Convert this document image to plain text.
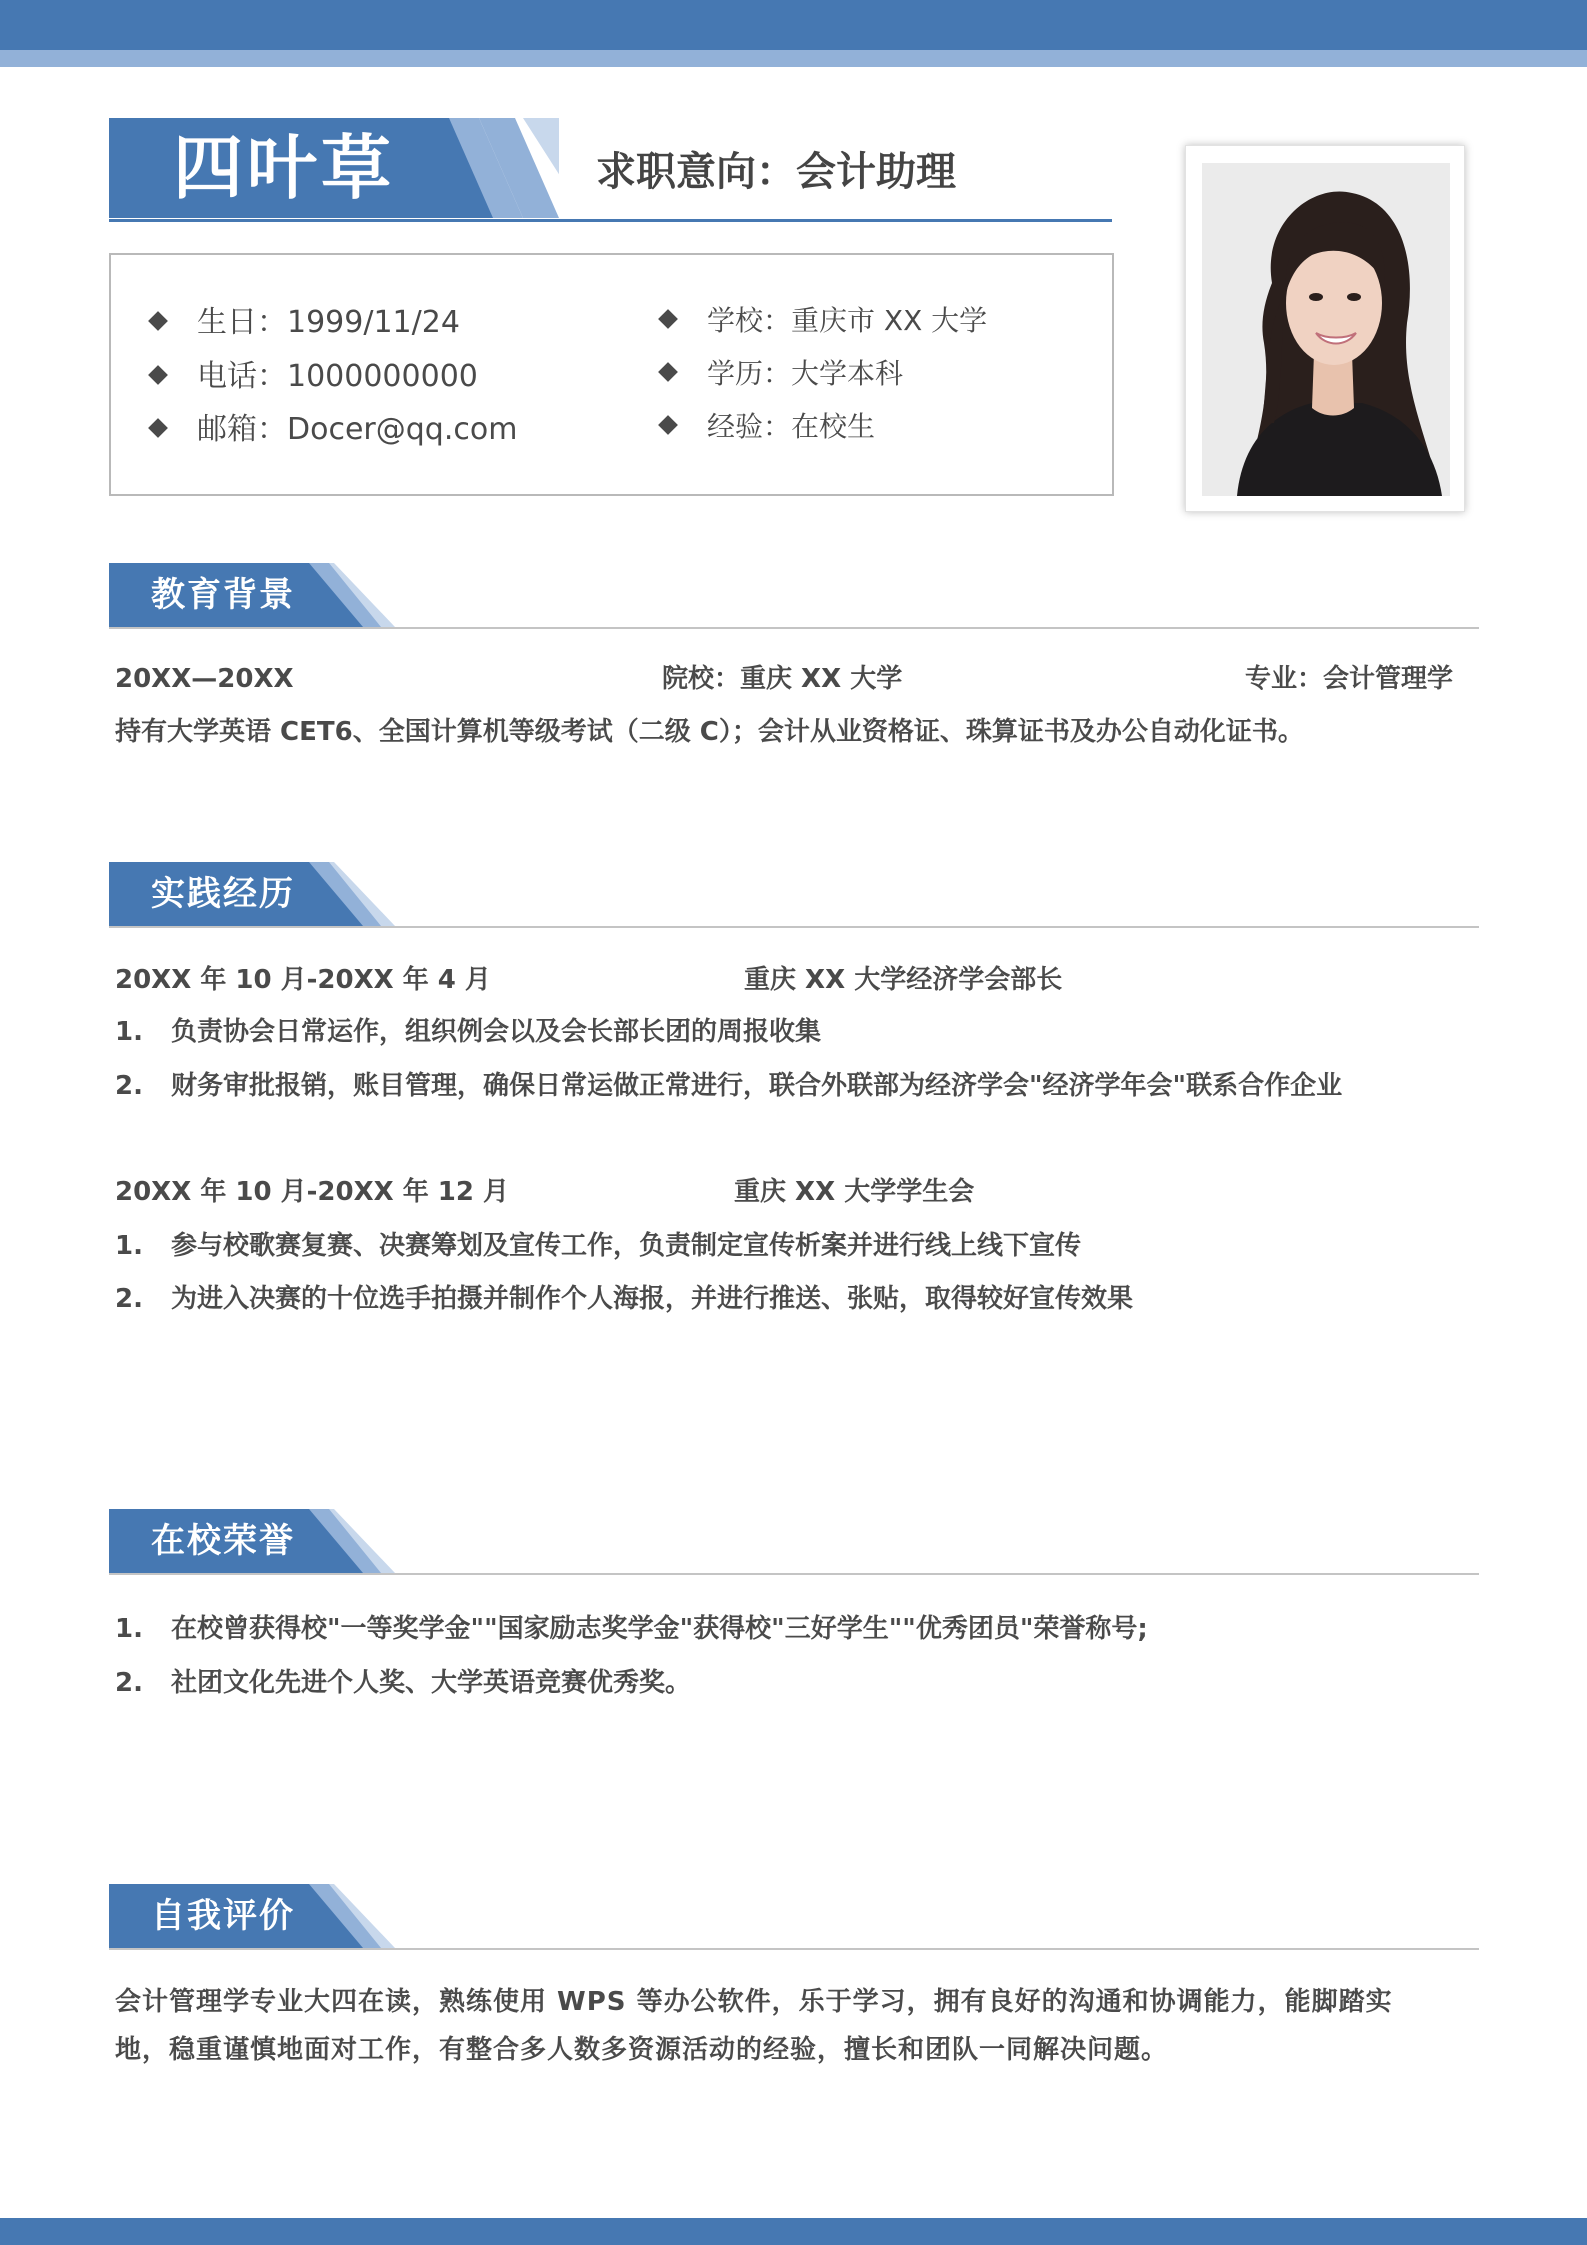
四叶草	求职意向：会计助理
生日：1999/11/24
电话：1000000000
邮箱：Docer@qq.com
学校：重庆市 XX 大学
学历：大学本科
经验：在校生
教育背景
20XX—20XX	院校：重庆 XX 大学	专业：会计管理学
持有大学英语 CET6、全国计算机等级考试（二级 C）；会计从业资格证、珠算证书及办公自动化证书。
实践经历
20XX 年 10 月-20XX 年 4 月	重庆 XX 大学经济学会部长
1. 负责协会日常运作，组织例会以及会长部长团的周报收集
2. 财务审批报销，账目管理，确保日常运做正常进行，联合外联部为经济学会"经济学年会"联系合作企业
20XX 年 10 月-20XX 年 12 月	重庆 XX 大学学生会
1. 参与校歌赛复赛、决赛筹划及宣传工作，负责制定宣传析案并进行线上线下宣传
2. 为进入决赛的十位选手拍摄并制作个人海报，并进行推送、张贴，取得较好宣传效果
在校荣誉
1. 在校曾获得校"一等奖学金""国家励志奖学金"获得校"三好学生""优秀团员"荣誉称号;
2. 社团文化先进个人奖、大学英语竞赛优秀奖。
自我评价
会计管理学专业大四在读，熟练使用 WPS 等办公软件，乐于学习，拥有良好的沟通和协调能力，能脚踏实
地，稳重谨慎地面对工作，有整合多人数多资源活动的经验，擅长和团队一同解决问题。
